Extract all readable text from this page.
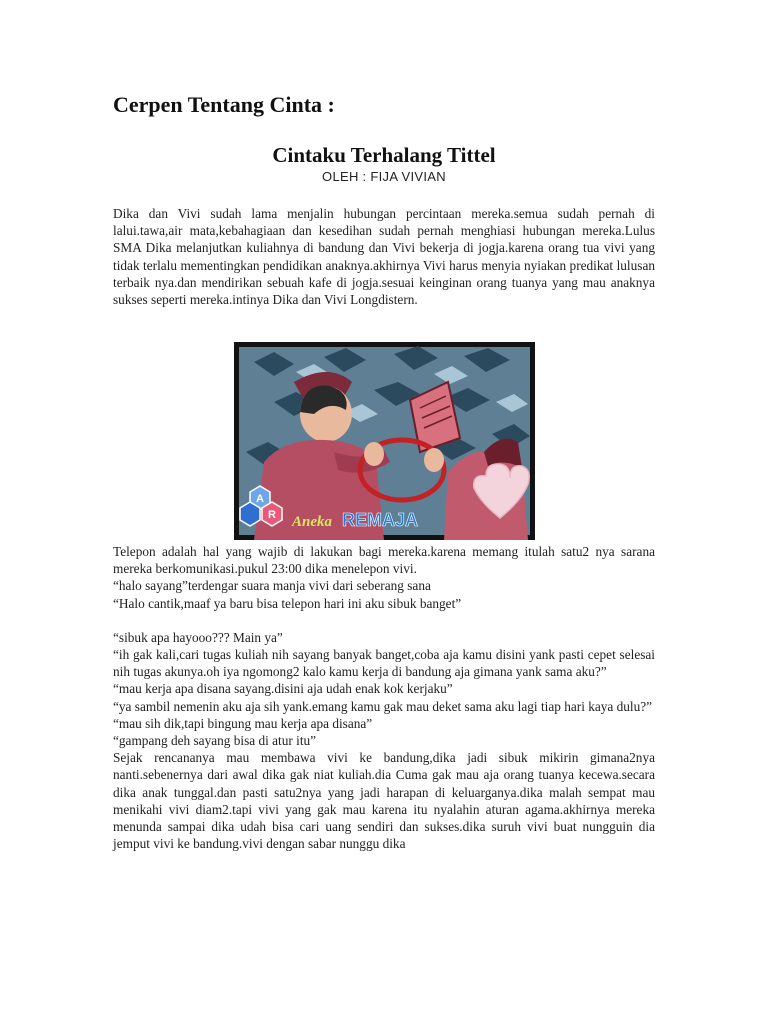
Cerpen Tentang Cinta :
Cintaku Terhalang Tittel
OLEH : FIJA VIVIAN
Dika dan Vivi sudah lama menjalin hubungan percintaan mereka.semua sudah pernah di lalui.tawa,air mata,kebahagiaan dan kesedihan sudah pernah menghiasi hubungan mereka.Lulus SMA Dika melanjutkan kuliahnya di bandung dan Vivi bekerja di jogja.karena orang tua vivi yang tidak terlalu mementingkan pendidikan anaknya.akhirnya Vivi harus menyia nyiakan predikat lulusan terbaik nya.dan mendirikan sebuah kafe di jogja.sesuai keinginan orang tuanya yang mau anaknya sukses seperti mereka.intinya Dika dan Vivi Longdistern.
A
R Aneka REMAJA

Telepon adalah hal yang wajib di lakukan bagi mereka.karena memang itulah satu2 nya sarana mereka berkomunikasi.pukul 23:00 dika menelepon vivi.

“halo sayang”terdengar suara manja vivi dari seberang sana

“Halo cantik,maaf ya baru bisa telepon hari ini aku sibuk banget”

“sibuk apa hayooo??? Main ya”

“ih gak kali,cari tugas kuliah nih sayang banyak banget,coba aja kamu disini yank pasti cepet selesai nih tugas akunya.oh iya ngomong2 kalo kamu kerja di bandung aja gimana yank sama aku?”

“mau kerja apa disana sayang.disini aja udah enak kok kerjaku”

“ya sambil nemenin aku aja sih yank.emang kamu gak mau deket sama aku lagi tiap hari kaya dulu?”

“mau sih dik,tapi bingung mau kerja apa disana”

“gampang deh sayang bisa di atur itu”

Sejak rencananya mau membawa vivi ke bandung,dika jadi sibuk mikirin gimana2nya nanti.sebenernya dari awal dika gak niat kuliah.dia Cuma gak mau aja orang tuanya kecewa.secara dika anak tunggal.dan pasti satu2nya yang jadi harapan di keluarganya.dika malah sempat mau menikahi vivi diam2.tapi vivi yang gak mau karena itu nyalahin aturan agama.akhirnya mereka menunda sampai dika udah bisa cari uang sendiri dan sukses.dika suruh vivi buat nungguin dia jemput vivi ke bandung.vivi dengan sabar nunggu dika
